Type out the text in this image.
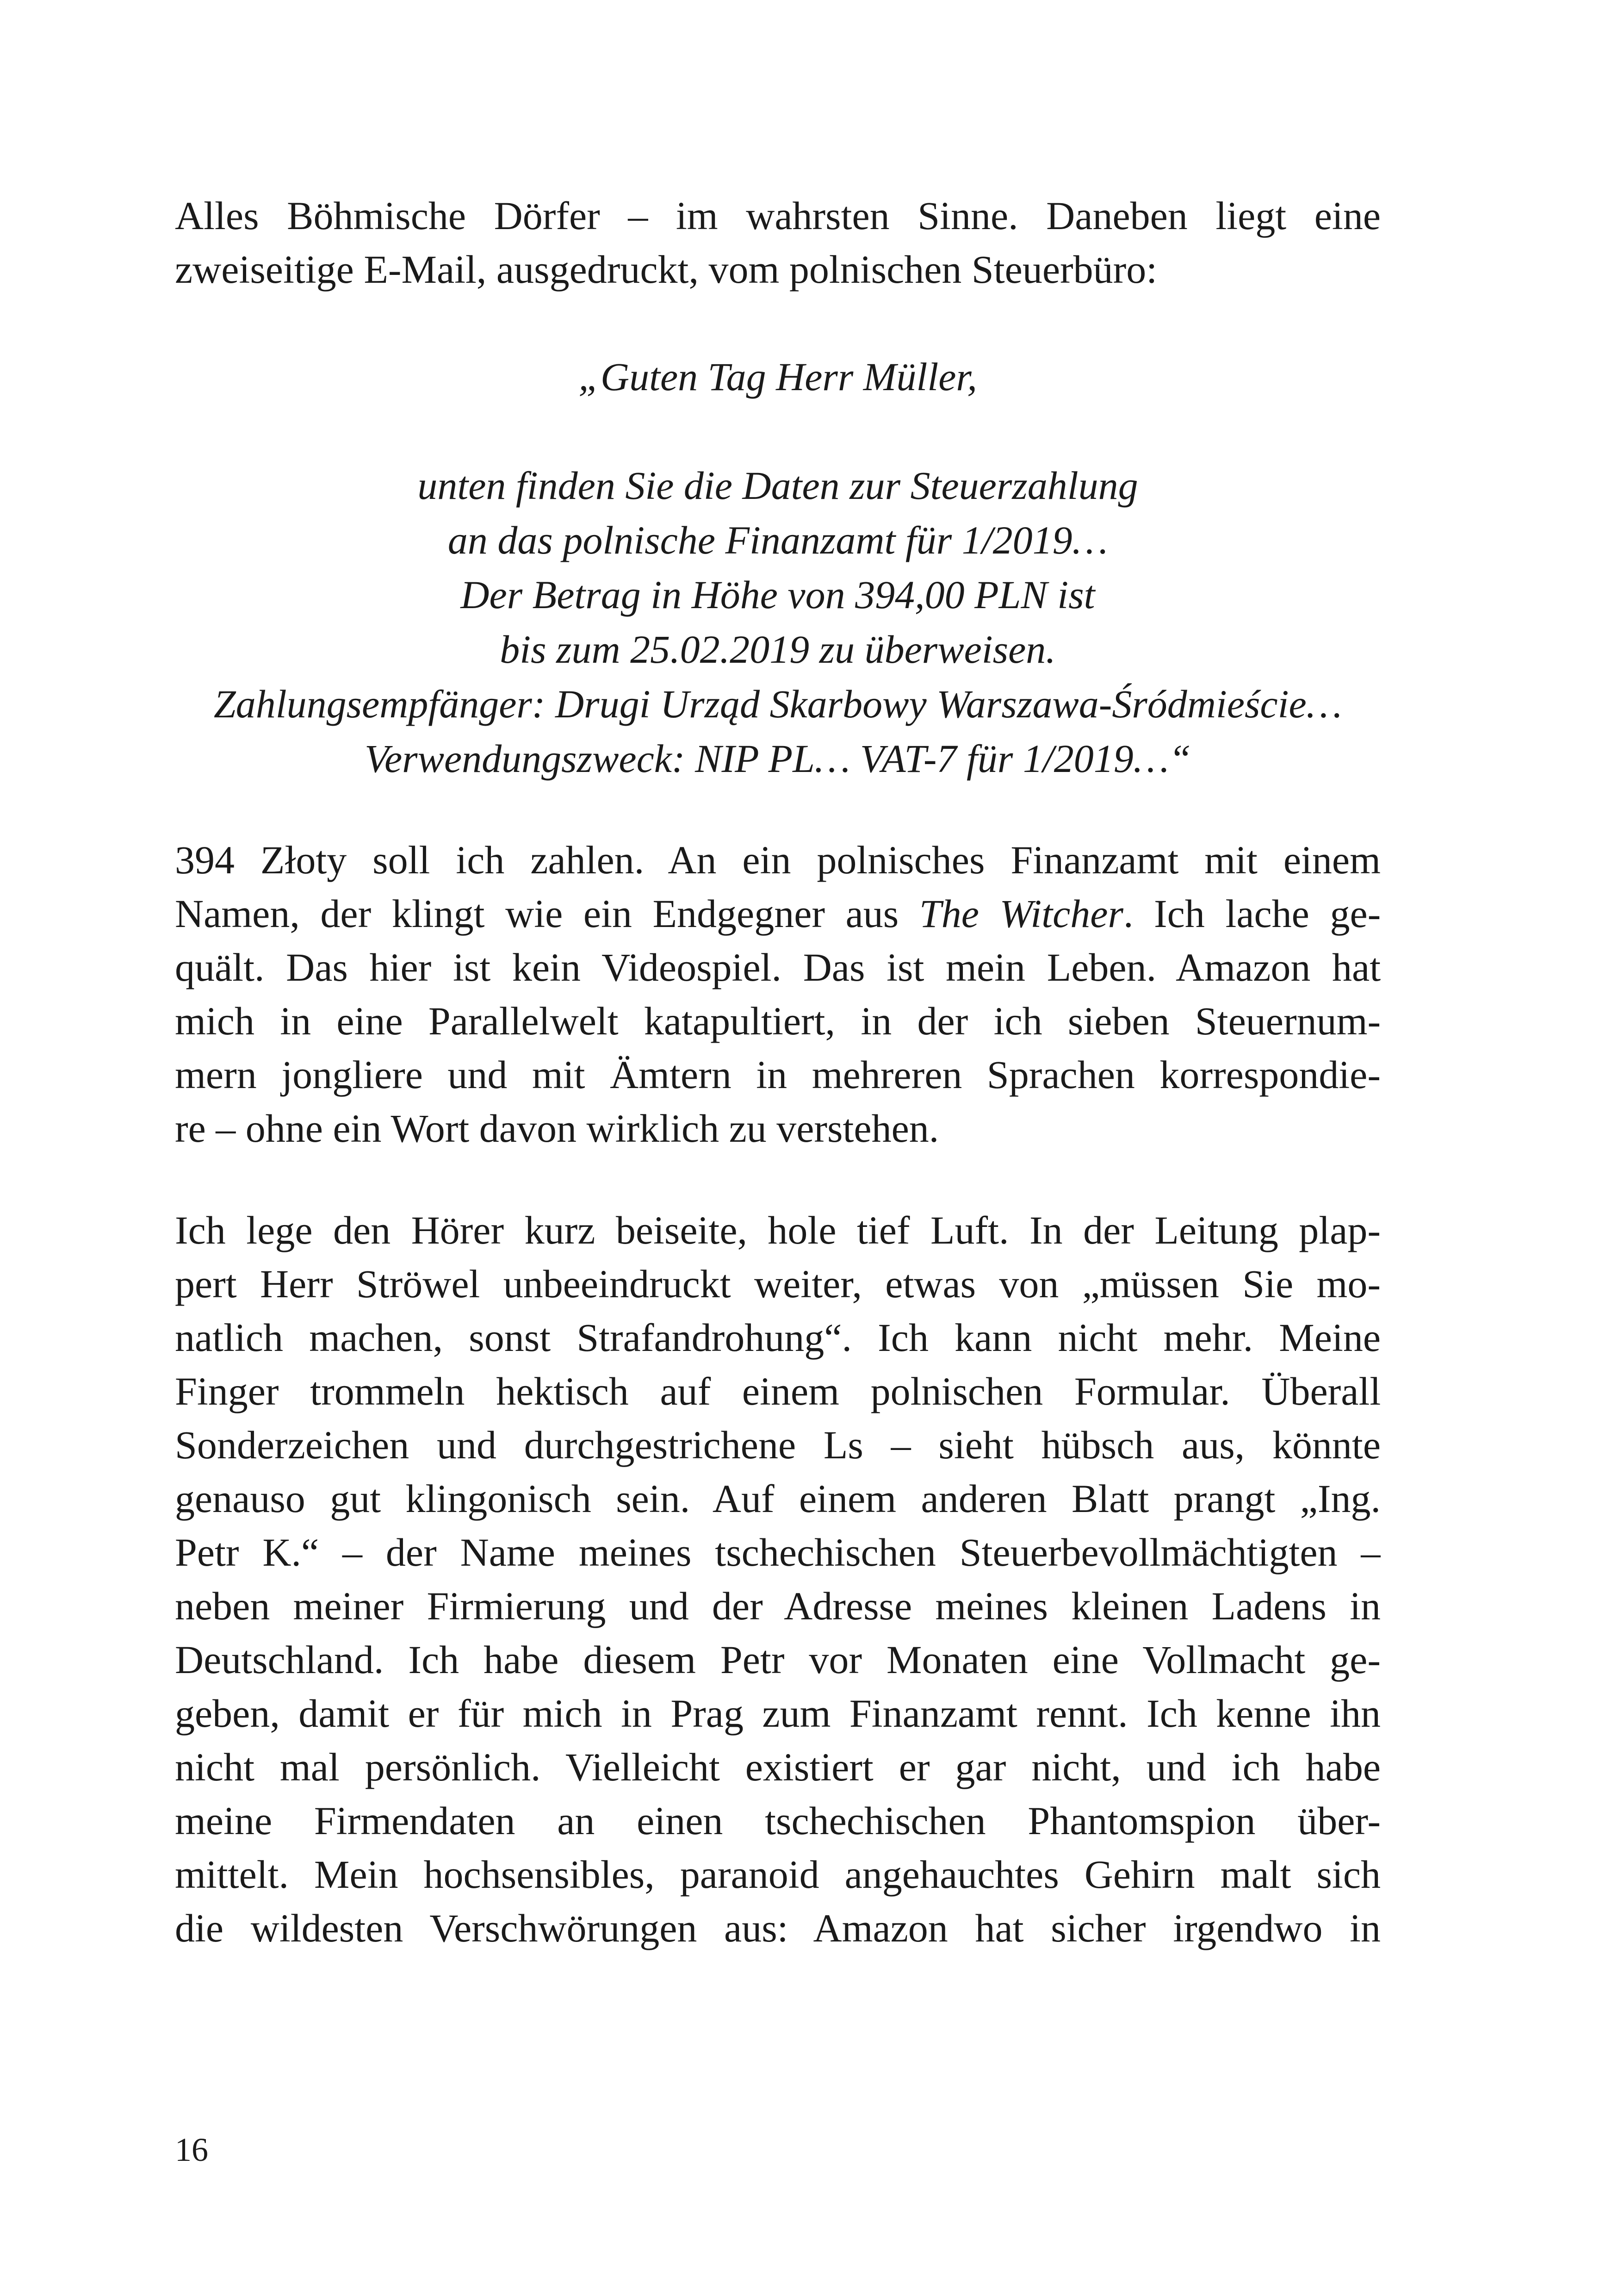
Alles Böhmische Dörfer – im wahrsten Sinne. Daneben liegt eine
zweiseitige E-Mail, ausgedruckt, vom polnischen Steuerbüro:
„Guten Tag Herr Müller,
unten finden Sie die Daten zur Steuerzahlung
an das polnische Finanzamt für 1/2019…
Der Betrag in Höhe von 394,00 PLN ist
bis zum 25.02.2019 zu überweisen.
Zahlungsempfänger: Drugi Urząd Skarbowy Warszawa-Śródmieście…
Verwendungszweck: NIP PL… VAT-7 für 1/2019…“
394 Złoty soll ich zahlen. An ein polnisches Finanzamt mit einem
Namen, der klingt wie ein Endgegner aus The Witcher. Ich lache ge-
quält. Das hier ist kein Videospiel. Das ist mein Leben. Amazon hat
mich in eine Parallelwelt katapultiert, in der ich sieben Steuernum-
mern jongliere und mit Ämtern in mehreren Sprachen korrespondie-
re – ohne ein Wort davon wirklich zu verstehen.
Ich lege den Hörer kurz beiseite, hole tief Luft. In der Leitung plap-
pert Herr Ströwel unbeeindruckt weiter, etwas von „müssen Sie mo-
natlich machen, sonst Strafandrohung“. Ich kann nicht mehr. Meine
Finger trommeln hektisch auf einem polnischen Formular. Überall
Sonderzeichen und durchgestrichene Ls – sieht hübsch aus, könnte
genauso gut klingonisch sein. Auf einem anderen Blatt prangt „Ing.
Petr K.“ – der Name meines tschechischen Steuerbevollmächtigten –
neben meiner Firmierung und der Adresse meines kleinen Ladens in
Deutschland. Ich habe diesem Petr vor Monaten eine Vollmacht ge-
geben, damit er für mich in Prag zum Finanzamt rennt. Ich kenne ihn
nicht mal persönlich. Vielleicht existiert er gar nicht, und ich habe
meine Firmendaten an einen tschechischen Phantomspion über-
mittelt. Mein hochsensibles, paranoid angehauchtes Gehirn malt sich
die wildesten Verschwörungen aus: Amazon hat sicher irgendwo in
16
